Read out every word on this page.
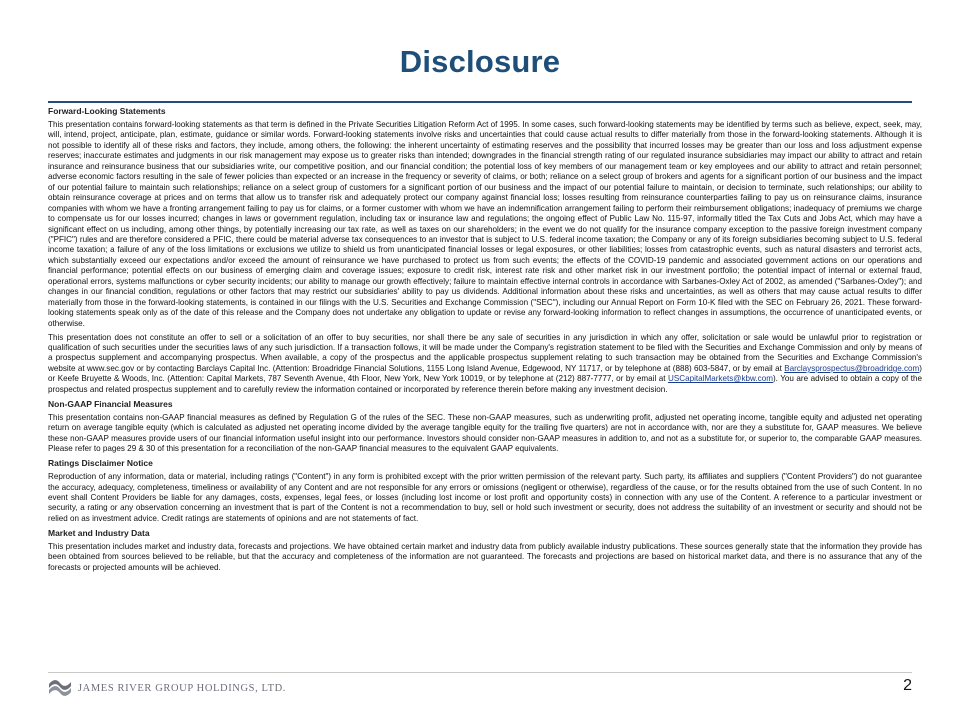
Disclosure
Forward-Looking Statements

This presentation contains forward-looking statements as that term is defined in the Private Securities Litigation Reform Act of 1995. In some cases, such forward-looking statements may be identified by terms such as believe, expect, seek, may, will, intend, project, anticipate, plan, estimate, guidance or similar words. Forward-looking statements involve risks and uncertainties that could cause actual results to differ materially from those in the forward-looking statements. Although it is not possible to identify all of these risks and factors, they include, among others, the following: the inherent uncertainty of estimating reserves and the possibility that incurred losses may be greater than our loss and loss adjustment expense reserves; inaccurate estimates and judgments in our risk management may expose us to greater risks than intended; downgrades in the financial strength rating of our regulated insurance subsidiaries may impact our ability to attract and retain insurance and reinsurance business that our subsidiaries write, our competitive position, and our financial condition; the potential loss of key members of our management team or key employees and our ability to attract and retain personnel; adverse economic factors resulting in the sale of fewer policies than expected or an increase in the frequency or severity of claims, or both; reliance on a select group of brokers and agents for a significant portion of our business and the impact of our potential failure to maintain such relationships; reliance on a select group of customers for a significant portion of our business and the impact of our potential failure to maintain, or decision to terminate, such relationships; our ability to obtain reinsurance coverage at prices and on terms that allow us to transfer risk and adequately protect our company against financial loss; losses resulting from reinsurance counterparties failing to pay us on reinsurance claims, insurance companies with whom we have a fronting arrangement failing to pay us for claims, or a former customer with whom we have an indemnification arrangement failing to perform their reimbursement obligations; inadequacy of premiums we charge to compensate us for our losses incurred; changes in laws or government regulation, including tax or insurance law and regulations; the ongoing effect of Public Law No. 115-97, informally titled the Tax Cuts and Jobs Act, which may have a significant effect on us including, among other things, by potentially increasing our tax rate, as well as taxes on our shareholders; in the event we do not qualify for the insurance company exception to the passive foreign investment company ("PFIC") rules and are therefore considered a PFIC, there could be material adverse tax consequences to an investor that is subject to U.S. federal income taxation; the Company or any of its foreign subsidiaries becoming subject to U.S. federal income taxation; a failure of any of the loss limitations or exclusions we utilize to shield us from unanticipated financial losses or legal exposures, or other liabilities; losses from catastrophic events, such as natural disasters and terrorist acts, which substantially exceed our expectations and/or exceed the amount of reinsurance we have purchased to protect us from such events; the effects of the COVID-19 pandemic and associated government actions on our operations and financial performance; potential effects on our business of emerging claim and coverage issues; exposure to credit risk, interest rate risk and other market risk in our investment portfolio; the potential impact of internal or external fraud, operational errors, systems malfunctions or cyber security incidents; our ability to manage our growth effectively; failure to maintain effective internal controls in accordance with Sarbanes-Oxley Act of 2002, as amended ("Sarbanes-Oxley"); and changes in our financial condition, regulations or other factors that may restrict our subsidiaries' ability to pay us dividends. Additional information about these risks and uncertainties, as well as others that may cause actual results to differ materially from those in the forward-looking statements, is contained in our filings with the U.S. Securities and Exchange Commission ("SEC"), including our Annual Report on Form 10-K filed with the SEC on February 26, 2021. These forward-looking statements speak only as of the date of this release and the Company does not undertake any obligation to update or revise any forward-looking information to reflect changes in assumptions, the occurrence of unanticipated events, or otherwise.

This presentation does not constitute an offer to sell or a solicitation of an offer to buy securities, nor shall there be any sale of securities in any jurisdiction in which any offer, solicitation or sale would be unlawful prior to registration or qualification of such securities under the securities laws of any such jurisdiction. If a transaction follows, it will be made under the Company's registration statement to be filed with the Securities and Exchange Commission and only by means of a prospectus supplement and accompanying prospectus. When available, a copy of the prospectus and the applicable prospectus supplement relating to such transaction may be obtained from the Securities and Exchange Commission's website at www.sec.gov or by contacting Barclays Capital Inc. (Attention: Broadridge Financial Solutions, 1155 Long Island Avenue, Edgewood, NY 11717, or by telephone at (888) 603-5847, or by email at Barclaysprospectus@broadridge.com) or Keefe Bruyette & Woods, Inc. (Attention: Capital Markets, 787 Seventh Avenue, 4th Floor, New York, New York 10019, or by telephone at (212) 887-7777, or by email at USCapitalMarkets@kbw.com). You are advised to obtain a copy of the prospectus and related prospectus supplement and to carefully review the information contained or incorporated by reference therein before making any investment decision.

Non-GAAP Financial Measures

This presentation contains non-GAAP financial measures as defined by Regulation G of the rules of the SEC. These non-GAAP measures, such as underwriting profit, adjusted net operating income, tangible equity and adjusted net operating return on average tangible equity (which is calculated as adjusted net operating income divided by the average tangible equity for the trailing five quarters) are not in accordance with, nor are they a substitute for, GAAP measures. We believe these non-GAAP measures provide users of our financial information useful insight into our performance. Investors should consider non-GAAP measures in addition to, and not as a substitute for, or superior to, the comparable GAAP measures. Please refer to pages 29 & 30 of this presentation for a reconciliation of the non-GAAP financial measures to the equivalent GAAP equivalents.

Ratings Disclaimer Notice

Reproduction of any information, data or material, including ratings ("Content") in any form is prohibited except with the prior written permission of the relevant party. Such party, its affiliates and suppliers ("Content Providers") do not guarantee the accuracy, adequacy, completeness, timeliness or availability of any Content and are not responsible for any errors or omissions (negligent or otherwise), regardless of the cause, or for the results obtained from the use of such Content. In no event shall Content Providers be liable for any damages, costs, expenses, legal fees, or losses (including lost income or lost profit and opportunity costs) in connection with any use of the Content. A reference to a particular investment or security, a rating or any observation concerning an investment that is part of the Content is not a recommendation to buy, sell or hold such investment or security, does not address the suitability of an investment or security and should not be relied on as investment advice. Credit ratings are statements of opinions and are not statements of fact.

Market and Industry Data

This presentation includes market and industry data, forecasts and projections. We have obtained certain market and industry data from publicly available industry publications. These sources generally state that the information they provide has been obtained from sources believed to be reliable, but that the accuracy and completeness of the information are not guaranteed. The forecasts and projections are based on historical market data, and there is no assurance that any of the forecasts or projected amounts will be achieved.

JAMES RIVER GROUP HOLDINGS, LTD.	2
